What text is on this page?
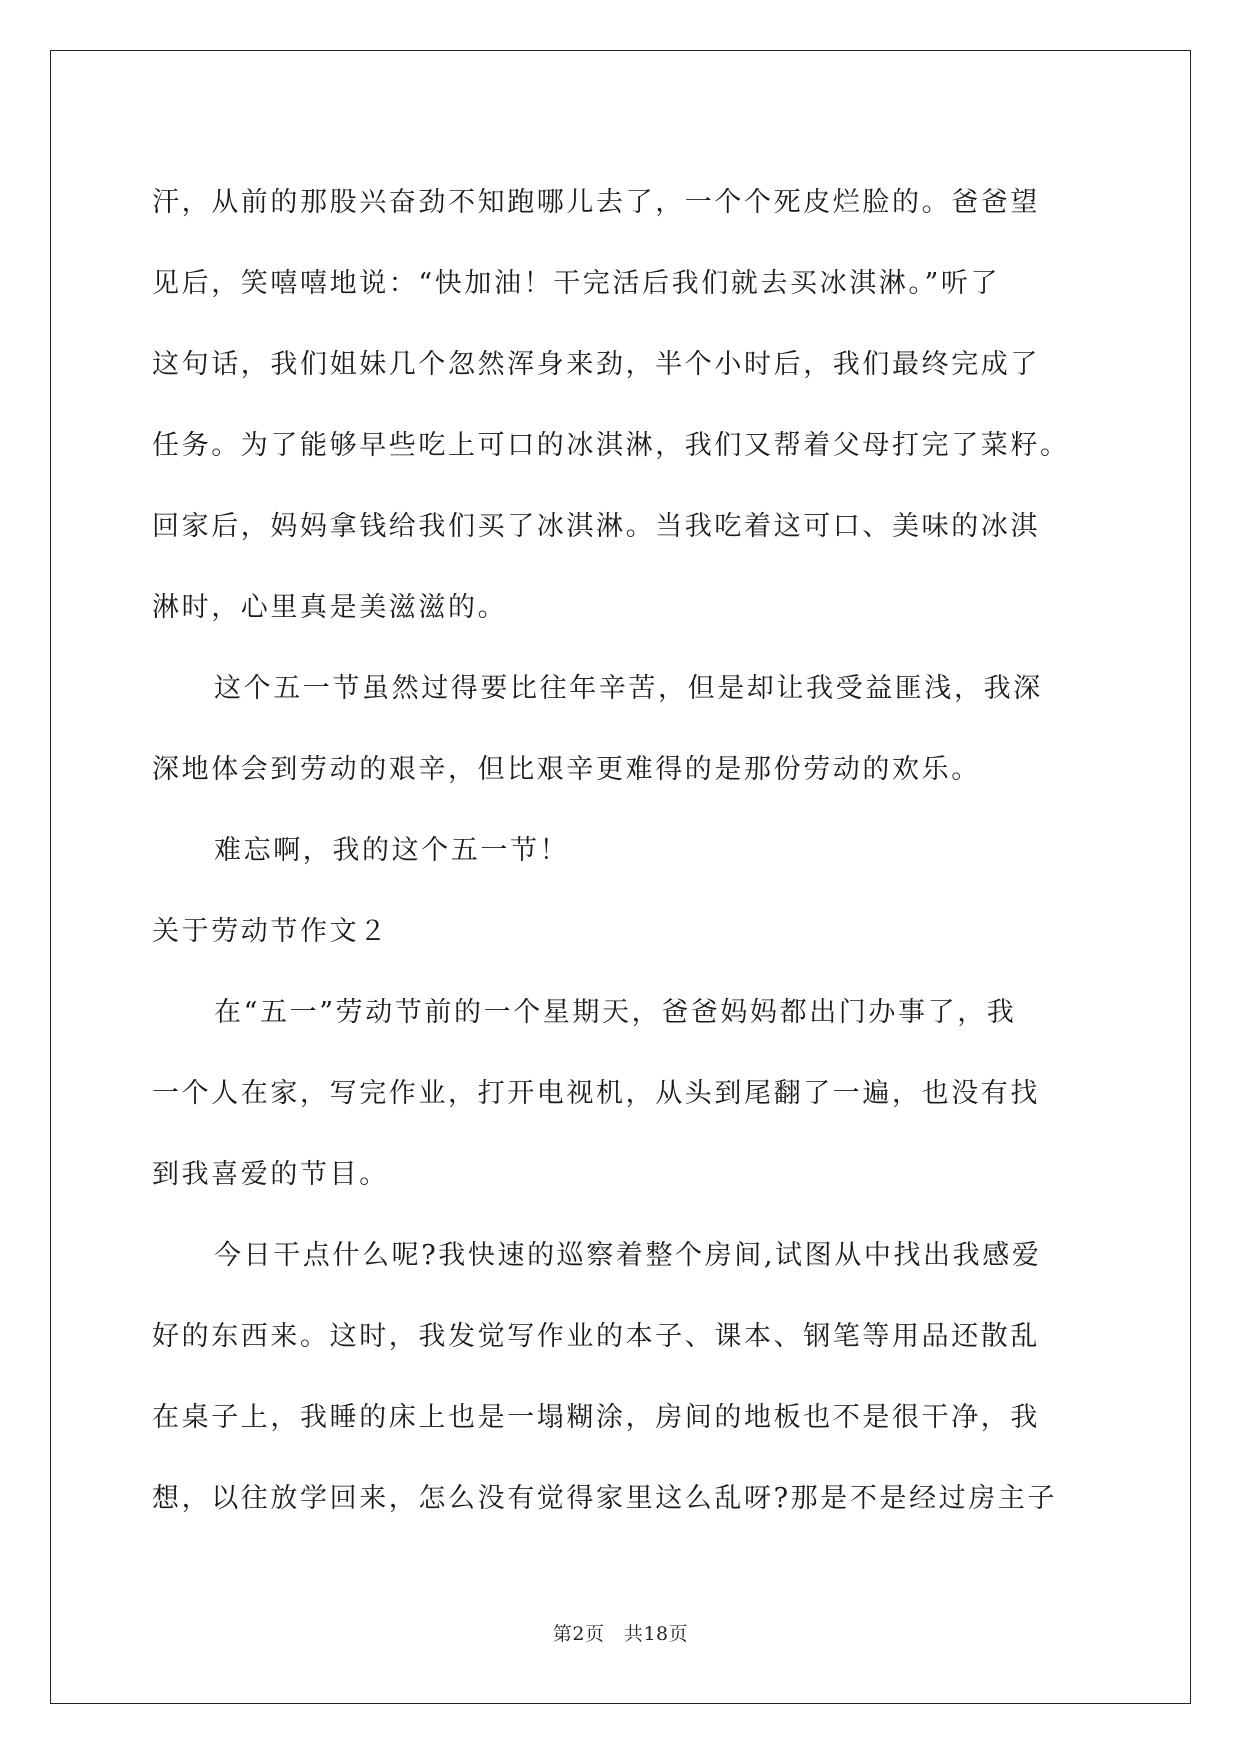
汗，从前的那股兴奋劲不知跑哪儿去了，一个个死皮烂脸的。爸爸望

见后，笑嘻嘻地说：“快加油！干完活后我们就去买冰淇淋。”听了

这句话，我们姐妹几个忽然浑身来劲，半个小时后，我们最终完成了

任务。为了能够早些吃上可口的冰淇淋，我们又帮着父母打完了菜籽。

回家后，妈妈拿钱给我们买了冰淇淋。当我吃着这可口、美味的冰淇

淋时，心里真是美滋滋的。

这个五一节虽然过得要比往年辛苦，但是却让我受益匪浅，我深

深地体会到劳动的艰辛，但比艰辛更难得的是那份劳动的欢乐。

难忘啊，我的这个五一节！

关于劳动节作文２

在“五一”劳动节前的一个星期天，爸爸妈妈都出门办事了，我

一个人在家，写完作业，打开电视机，从头到尾翻了一遍，也没有找

到我喜爱的节目。

今日干点什么呢?我快速的巡察着整个房间,试图从中找出我感爱

好的东西来。这时，我发觉写作业的本子、课本、钢笔等用品还散乱

在桌子上，我睡的床上也是一塌糊涂，房间的地板也不是很干净，我

想，以往放学回来，怎么没有觉得家里这么乱呀?那是不是经过房主子

第2页　共18页
